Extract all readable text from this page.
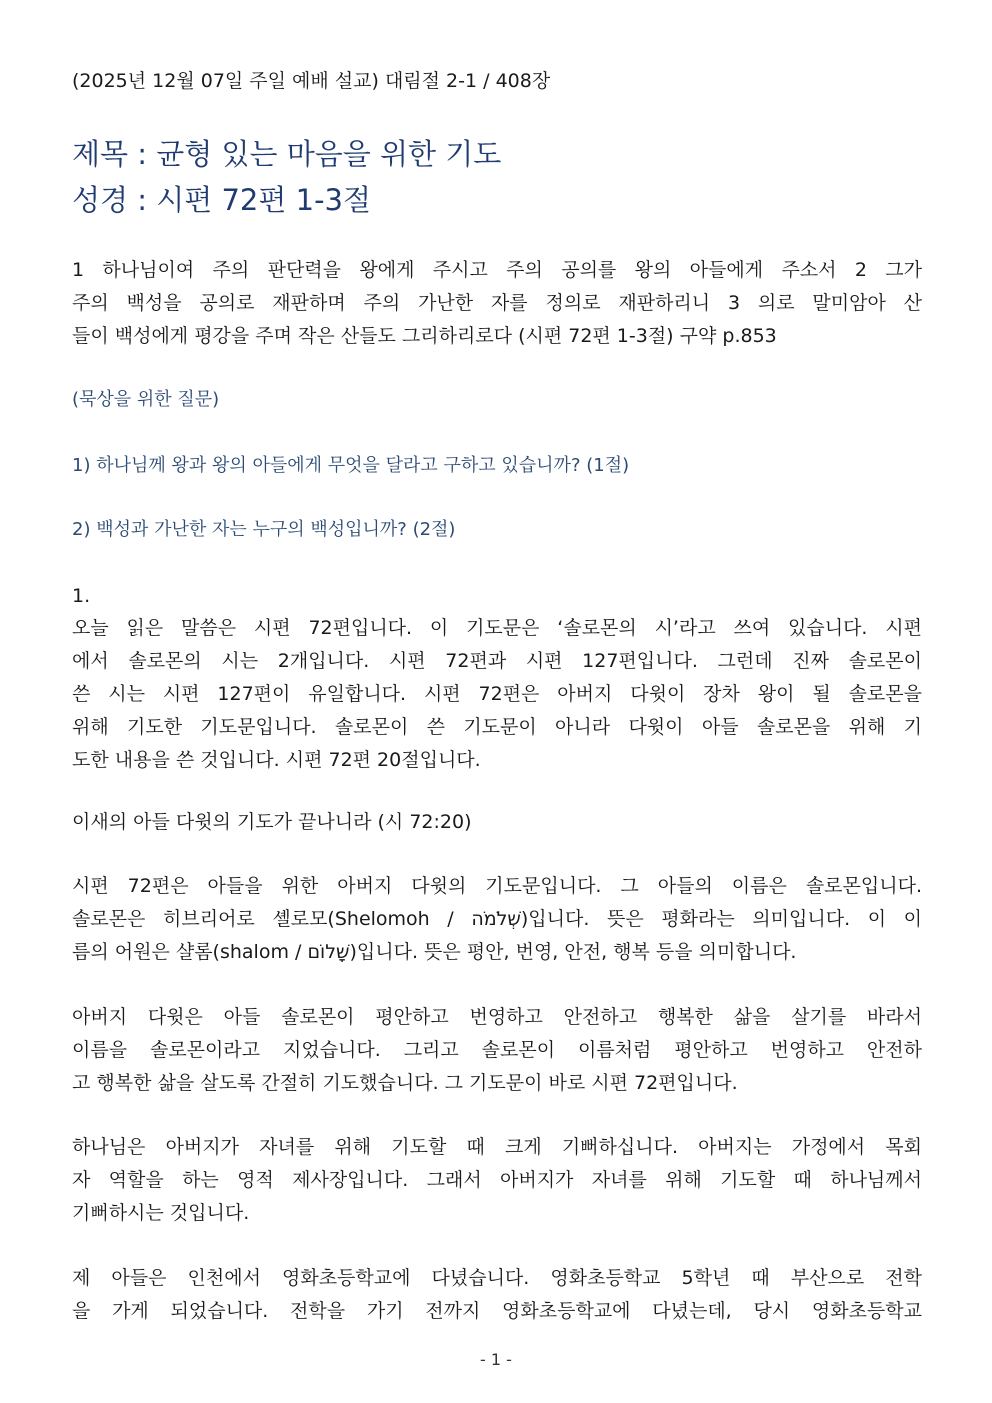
(2025년 12월 07일 주일 예배 설교) 대림절 2-1 / 408장
제목 : 균형 있는 마음을 위한 기도
성경 : 시편 72편 1-3절

1 하나님이여 주의 판단력을 왕에게 주시고 주의 공의를 왕의 아들에게 주소서 2 그가
주의 백성을 공의로 재판하며 주의 가난한 자를 정의로 재판하리니 3 의로 말미암아 산
들이 백성에게 평강을 주며 작은 산들도 그리하리로다 (시편 72편 1-3절) 구약 p.853

(묵상을 위한 질문)

1) 하나님께 왕과 왕의 아들에게 무엇을 달라고 구하고 있습니까? (1절)

2) 백성과 가난한 자는 누구의 백성입니까? (2절)

1.

오늘 읽은 말씀은 시편 72편입니다. 이 기도문은 ‘솔로몬의 시’라고 쓰여 있습니다. 시편
에서 솔로몬의 시는 2개입니다. 시편 72편과 시편 127편입니다. 그런데 진짜 솔로몬이
쓴 시는 시편 127편이 유일합니다. 시편 72편은 아버지 다윗이 장차 왕이 될 솔로몬을
위해 기도한 기도문입니다. 솔로몬이 쓴 기도문이 아니라 다윗이 아들 솔로몬을 위해 기
도한 내용을 쓴 것입니다. 시편 72편 20절입니다.

이새의 아들 다윗의 기도가 끝나니라 (시 72:20)

시편 72편은 아들을 위한 아버지 다윗의 기도문입니다. 그 아들의 이름은 솔로몬입니다.
솔로몬은 히브리어로 셸로모(Shelomoh / שְׁלֹמֹה)입니다. 뜻은 평화라는 의미입니다. 이 이
름의 어원은 샬롬(shalom / שָׁלוֹם)입니다. 뜻은 평안, 번영, 안전, 행복 등을 의미합니다.

아버지 다윗은 아들 솔로몬이 평안하고 번영하고 안전하고 행복한 삶을 살기를 바라서
이름을 솔로몬이라고 지었습니다. 그리고 솔로몬이 이름처럼 평안하고 번영하고 안전하
고 행복한 삶을 살도록 간절히 기도했습니다. 그 기도문이 바로 시편 72편입니다.

하나님은 아버지가 자녀를 위해 기도할 때 크게 기뻐하십니다. 아버지는 가정에서 목회
자 역할을 하는 영적 제사장입니다. 그래서 아버지가 자녀를 위해 기도할 때 하나님께서
기뻐하시는 것입니다.

제 아들은 인천에서 영화초등학교에 다녔습니다. 영화초등학교 5학년 때 부산으로 전학
을 가게 되었습니다. 전학을 가기 전까지 영화초등학교에 다녔는데, 당시 영화초등학교

- 1 -
